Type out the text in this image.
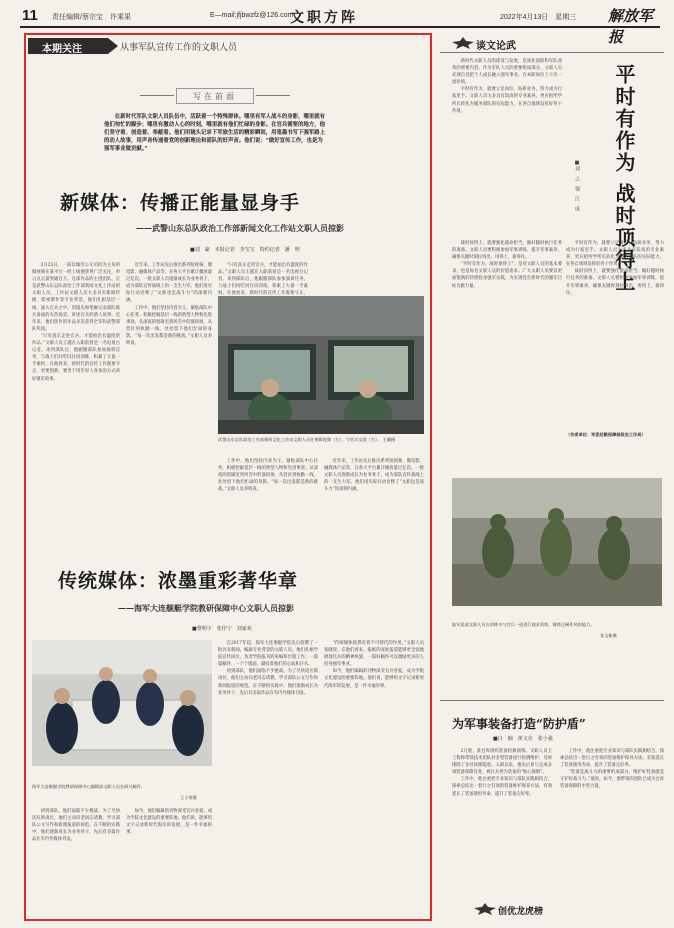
11 责任编辑/蔡宗宝　许乘果	E—mail:jfjbwzfz@126.com
文职方阵	2022年4月13日　星期三 解放军报
本期关注	从事军队宣传工作的文职人员
写在前面
在新时代军队文职人员队伍中，活跃着一个特殊群体。哪里有军人战斗的身影，哪里就有他们匆忙的脚步；哪里有激动人心的时刻，哪里就有他们忙碌的身影。在官兵需要的地方，他们坚守着、创造着、奉献着。他们用镜头记录下军旅生活的精彩瞬间，用笔墨书写下强军路上的动人故事，用声音传递着党的创新理论和部队的好声音。他们说：“做好宣传工作，也是为强军事业做贡献。”
新媒体：传播正能量显身手
——武警山东总队政治工作部新闻文化工作站文职人员掠影
■刘　豪　本报记者　李宝宝　特约记者　潘　明

3月23日，一部以城市公交司机为主角的微视频在某平台一经上线便获得广泛关注，单日点击量突破百万。这部作品的主创团队，正是武警山东总队政治工作部新闻文化工作站的文职人员。工作站文职人员大多具有新闻传播、影视制作等专业背景。他们扎根基层一线，深入官兵之中，用镜头和笔触记录部队练兵备战的火热场景，讲述官兵的感人故事。近年来，他们创作的作品多次获得全军和武警部队奖项。

“只有真正走进官兵，才能拍出有温度的作品。”文职人员王越在入职前曾是一名电视台记者。来到部队后，他跟随部队参加演训任务，与战士们同吃同住同训练，积累了大量一手素材。在他看来，新时代的宣传工作既要守正，更要创新，要善于用年轻人喜欢的方式讲好强军故事。

近年来，工作站先后推出系列短视频、微电影、融媒体产品等，在各大平台累计播放量过亿次。一批文职人员逐渐成长为业务骨干，成为部队宣传战线上的一支生力军。他们用实际行动诠释了“文职也是战斗力”的深刻内涵。

工作中，他们坚持内容为王，紧贴部队中心任务，积极挖掘基层一线的典型人物和先进事迹。从深夜的剪辑室到风雪中的演训场，从营区到执勤一线，处处留下他们忙碌的身影。“每一次出发都是新的挑战。”文职人员李明说。

“只有真正走进官兵，才能拍出有温度的作品。”文职人员王越在入职前曾是一名电视台记者。来到部队后，他跟随部队参加演训任务，与战士们同吃同住同训练，积累了大量一手素材。在他看来，新时代的宣传工作既要守正，

武警山东总队政治工作部新闻文化工作站文职人员在剪辑视频（左），与官兵交流（右）。 王璐摄

工作中，他们坚持内容为王，紧贴部队中心任务，积极挖掘基层一线的典型人物和先进事迹。从深夜的剪辑室到风雪中的演训场，从营区到执勤一线，处处留下他们忙碌的身影。“每一次出发都是新的挑战。”文职人员李明说。

近年来，工作站先后推出系列短视频、微电影、融媒体产品等，在各大平台累计播放量过亿次。一批文职人员逐渐成长为业务骨干，成为部队宣传战线上的一支生力军。他们用实际行动诠释了“文职也是战斗力”的深刻内涵。

传统媒体：浓墨重彩著华章
——海军大连舰艇学院教研保障中心文职人员掠影
■黎明宇　张佳宁　刘家欢
海军大连舰艇学院教研保障中心编辑部文职人员在研讨稿件。
王子豪摄

自2017年起，海军大连舰艇学院先后招聘了一批具有新闻、编辑专业背景的文职人员。他们扎根学院宣传岗位，负责学院报刊的采编和出版工作。一篇篇稿件、一个个版面，凝结着他们的心血和汗水。

初到部队，他们面临不少挑战。为了尽快适应新岗位，他们主动向老同志请教，学习部队公文写作和新闻报道的规范。在不断的实践中，他们逐渐成长为业务骨干，先后有多篇作品在军内外媒体刊发。

“传统媒体依然有着不可替代的作用。”文职人员张晓说。在他们看来，报纸的深度报道能够更全面地展现官兵的精神风貌，一篇好稿件可以激励更多的人投身强军事业。

如今，他们编辑的刊物深受官兵喜爱，成为学院文化建设的重要阵地。他们说，能够用文字记录新时代海军的发展，是一件幸福的事。

初到部队，他们面临不少挑战。为了尽快适应新岗位，他们主动向老同志请教，学习部队公文写作和新闻报道的规范。在不断的实践中，他们逐渐成长为业务骨干，先后有多篇作品在军内外媒体刊发。

如今，他们编辑的刊物深受官兵喜爱，成为学院文化建设的重要阵地。他们说，能够用文字记录新时代海军的发展，是一件幸福的事。

谈文论武
平时有作为 战时顶得上
■刘　之　强　江　成

新时代文职人员的建设与发展，是深化国防和军队改革的重要内容。作为军队人员的重要组成部分，文职人员必须自觉把个人成长融入强军事业，在本职岗位上干出一流业绩。

平时有作为，就要立足岗位、钻研业务，努力成为行家里手。文职人员大多具有较高的专业素养，更应把所学所长转化为服务部队的实际能力，在各自领域发挥好骨干作用。

战时顶得上，就要强化使命担当，做好随时执行任务的准备。文职人员要积极参加军事训练，提升军事素养，确保关键时刻拉得出、用得上、靠得住。

“平时有作为，战时顶得上”，是对文职人员的基本要求，也是每名文职人员的价值追求。广大文职人员要以更加饱满的热情投身强军实践，为实现党在新时代的强军目标贡献力量。

平时有作为，就要立足岗位、钻研业务，努力成为行家里手。文职人员大多具有较高的专业素养，更应把所学所长转化为服务部队的实际能力，在各自领域发挥好骨干作用。

战时顶得上，就要强化使命担当，做好随时执行任务的准备。文职人员要积极参加军事训练，提升军事素养，确保关键时刻拉得出、用得上、靠得住。

（作者单位：军委后勤保障部政治工作局）
陆军某部文职人员在训练中与官兵一道进行战术训练，锤炼过硬作风和能力。
张文新摄
为军事装备打造“防护盾”
■白　楠　黄文亮　张小强

2月底，某仓库组织装备检修演练。文职人员王工程师带领技术团队对多型装备进行检测维护，及时排除了多处故障隐患。入职以来，他先后参与完成多项装备保障任务，被官兵誉为装备的“贴心保姆”。

工作中，他注重把专业知识与部队实践相结合，探索总结出一套行之有效的装备维护保养方法，有效延长了装备使用寿命，提升了装备完好率。

工作中，他注重把专业知识与部队实践相结合，探索总结出一套行之有效的装备维护保养方法，有效延长了装备使用寿命，提升了装备完好率。

“装备是战斗力的重要组成部分，维护好装备就是守护好战斗力。”他说。如今，他带领的团队已成为仓库装备保障的中坚力量。

创优龙虎榜
